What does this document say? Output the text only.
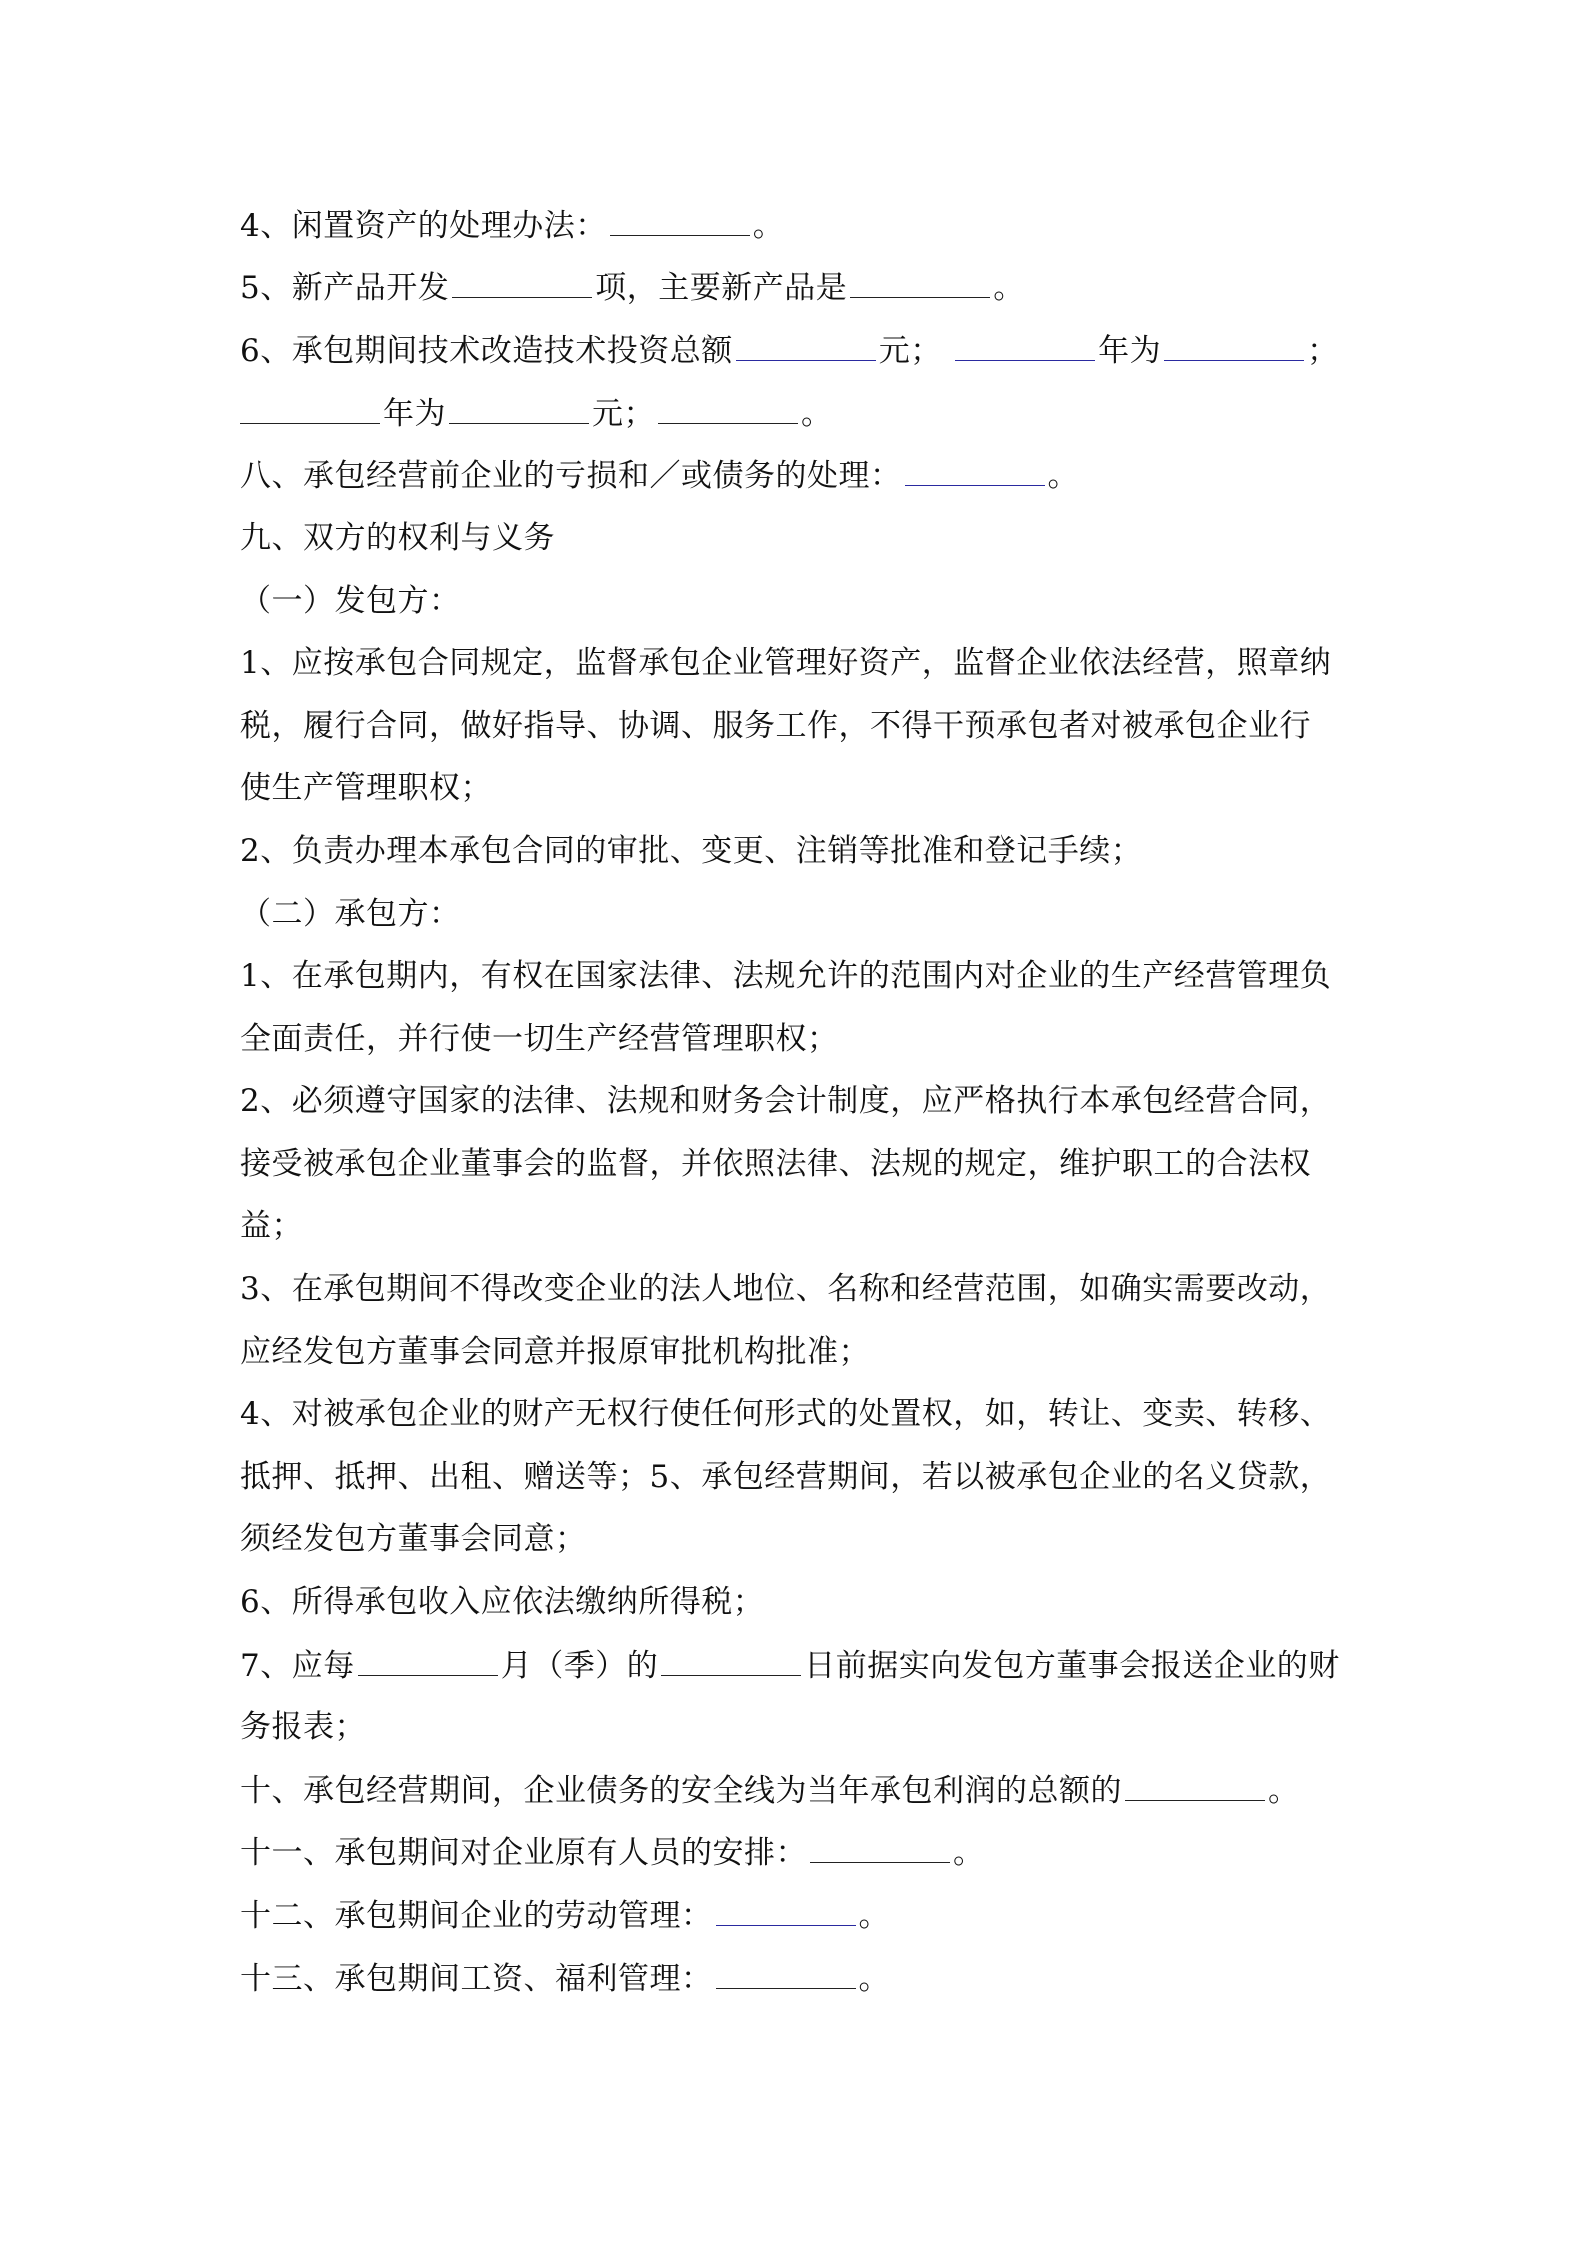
4、闲置资产的处理办法：	。
5、新产品开发	项，主要新产品是	。
6、承包期间技术改造技术投资总额	元；	年为	；
年为	元；	。
八、承包经营前企业的亏损和／或债务的处理：	。
九、双方的权利与义务
（一）发包方：
1、应按承包合同规定，监督承包企业管理好资产，监督企业依法经营，照章纳
税，履行合同，做好指导、协调、服务工作，不得干预承包者对被承包企业行
使生产管理职权；
2、负责办理本承包合同的审批、变更、注销等批准和登记手续；
（二）承包方：
1、在承包期内，有权在国家法律、法规允许的范围内对企业的生产经营管理负
全面责任，并行使一切生产经营管理职权；
2、必须遵守国家的法律、法规和财务会计制度，应严格执行本承包经营合同，
接受被承包企业董事会的监督，并依照法律、法规的规定，维护职工的合法权
益；
3、在承包期间不得改变企业的法人地位、名称和经营范围，如确实需要改动，
应经发包方董事会同意并报原审批机构批准；
4、对被承包企业的财产无权行使任何形式的处置权，如，转让、变卖、转移、
抵押、抵押、出租、赠送等；5、承包经营期间，若以被承包企业的名义贷款，
须经发包方董事会同意；
6、所得承包收入应依法缴纳所得税；
7、应每	月（季）的	日前据实向发包方董事会报送企业的财
务报表；
十、承包经营期间，企业债务的安全线为当年承包利润的总额的	。
十一、承包期间对企业原有人员的安排：	。
十二、承包期间企业的劳动管理：	。
十三、承包期间工资、福利管理：	。
